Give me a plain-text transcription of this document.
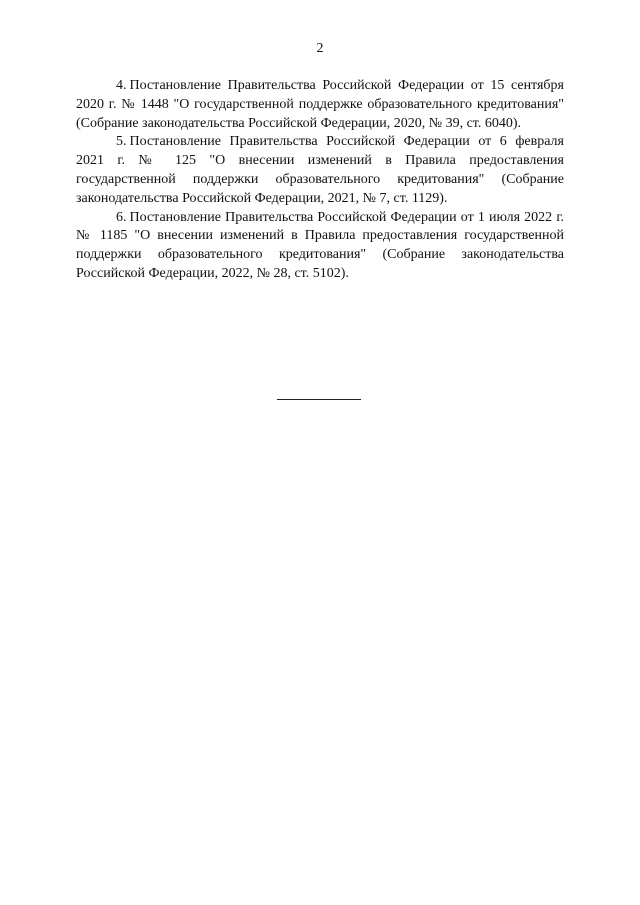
2

4. Постановление Правительства Российской Федерации от 15 сентября 2020 г. № 1448 "О государственной поддержке образовательного кредитования" (Собрание законодательства Российской Федерации, 2020, № 39, ст. 6040).

5. Постановление Правительства Российской Федерации от 6 февраля 2021 г. № 125 "О внесении изменений в Правила предоставления государственной поддержки образовательного кредитования" (Собрание законодательства Российской Федерации, 2021, № 7, ст. 1129).

6. Постановление Правительства Российской Федерации от 1 июля 2022 г. № 1185 "О внесении изменений в Правила предоставления государственной поддержки образовательного кредитования" (Собрание законодательства Российской Федерации, 2022, № 28, ст. 5102).
